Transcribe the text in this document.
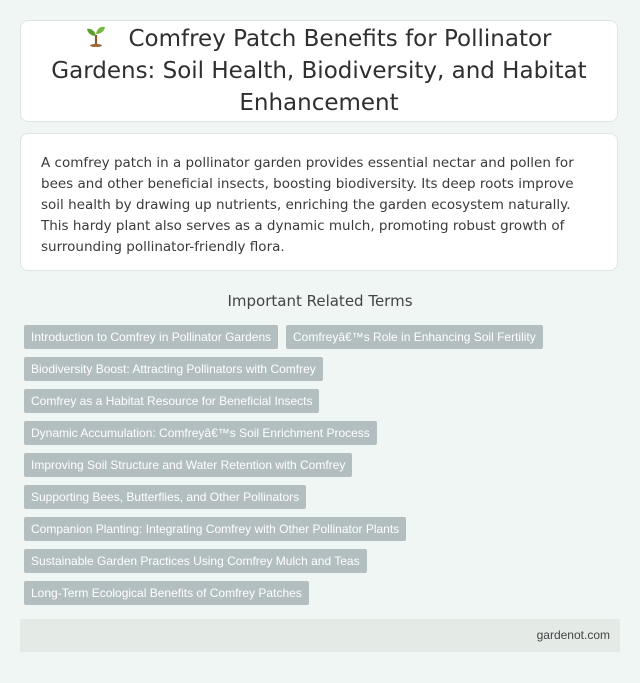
Comfrey Patch Benefits for Pollinator Gardens: Soil Health, Biodiversity, and Habitat Enhancement

A comfrey patch in a pollinator garden provides essential nectar and pollen for bees and other beneficial insects, boosting biodiversity. Its deep roots improve soil health by drawing up nutrients, enriching the garden ecosystem naturally. This hardy plant also serves as a dynamic mulch, promoting robust growth of surrounding pollinator-friendly flora.

Important Related Terms
Introduction to Comfrey in Pollinator Gardens	Comfreyâ€™s Role in Enhancing Soil Fertility
Biodiversity Boost: Attracting Pollinators with Comfrey
Comfrey as a Habitat Resource for Beneficial Insects
Dynamic Accumulation: Comfreyâ€™s Soil Enrichment Process
Improving Soil Structure and Water Retention with Comfrey
Supporting Bees, Butterflies, and Other Pollinators
Companion Planting: Integrating Comfrey with Other Pollinator Plants
Sustainable Garden Practices Using Comfrey Mulch and Teas
Long-Term Ecological Benefits of Comfrey Patches
gardenot.com
